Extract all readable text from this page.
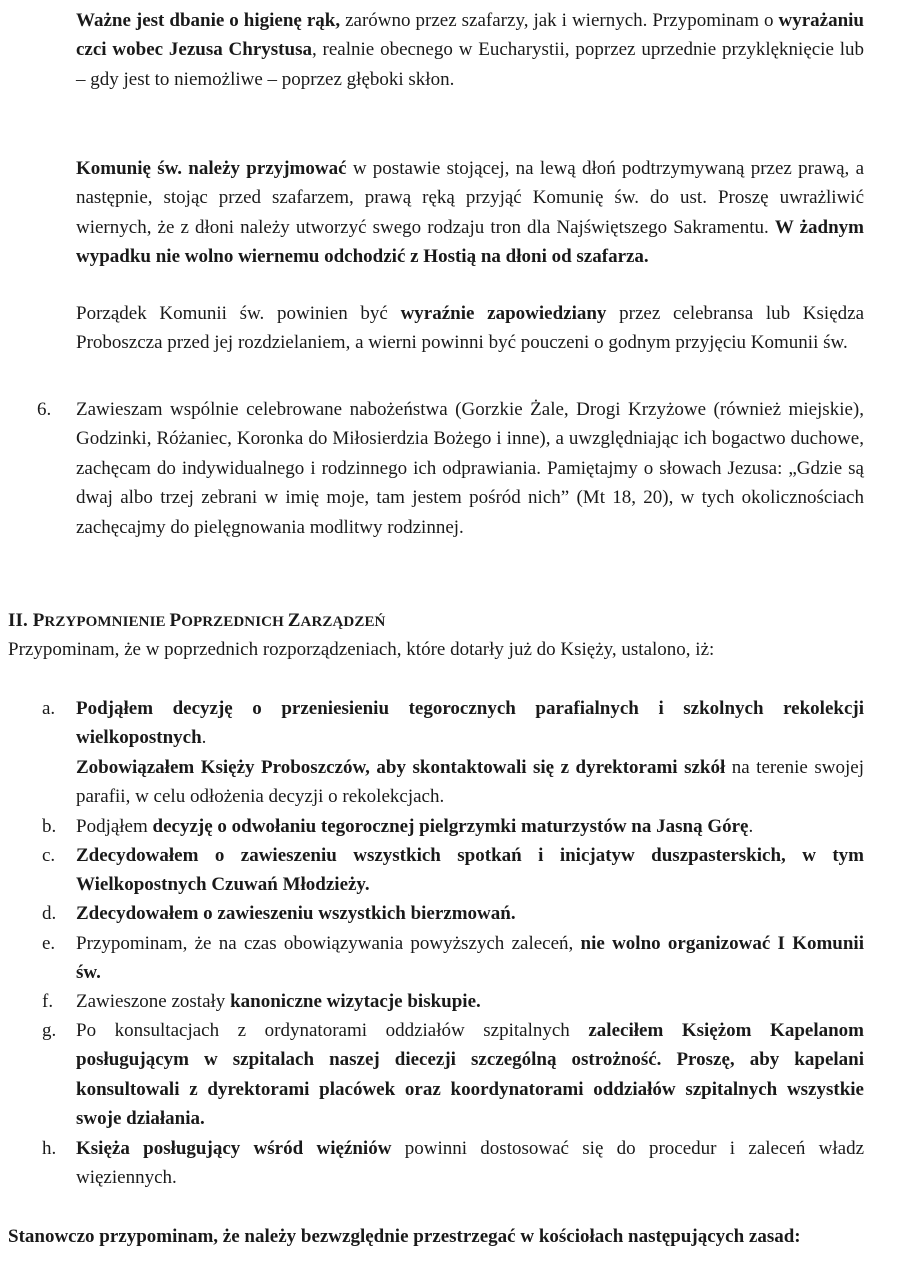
Ważne jest dbanie o higienę rąk, zarówno przez szafarzy, jak i wiernych. Przypominam o wyrażaniu czci wobec Jezusa Chrystusa, realnie obecnego w Eucharystii, poprzez uprzednie przyklęknięcie lub – gdy jest to niemożliwe – poprzez głęboki skłon.

Komunię św. należy przyjmować w postawie stojącej, na lewą dłoń podtrzymywaną przez prawą, a następnie, stojąc przed szafarzem, prawą ręką przyjąć Komunię św. do ust. Proszę uwrażliwić wiernych, że z dłoni należy utworzyć swego rodzaju tron dla Najświętszego Sakramentu. W żadnym wypadku nie wolno wiernemu odchodzić z Hostią na dłoni od szafarza.

Porządek Komunii św. powinien być wyraźnie zapowiedziany przez celebransa lub Księdza Proboszcza przed jej rozdzielaniem, a wierni powinni być pouczeni o godnym przyjęciu Komunii św.

6. Zawieszam wspólnie celebrowane nabożeństwa (Gorzkie Żale, Drogi Krzyżowe (również miejskie), Godzinki, Różaniec, Koronka do Miłosierdzia Bożego i inne), a uwzględniając ich bogactwo duchowe, zachęcam do indywidualnego i rodzinnego ich odprawiania. Pamiętajmy o słowach Jezusa: „Gdzie są dwaj albo trzej zebrani w imię moje, tam jestem pośród nich” (Mt 18, 20), w tych okolicznościach zachęcajmy do pielęgnowania modlitwy rodzinnej.

II. PRZYPOMNIENIE POPRZEDNICH ZARZĄDZEŃ

Przypominam, że w poprzednich rozporządzeniach, które dotarły już do Księży, ustalono, iż:

a. Podjąłem decyzję o przeniesieniu tegorocznych parafialnych i szkolnych rekolekcji wielkopostnych.
Zobowiązałem Księży Proboszczów, aby skontaktowali się z dyrektorami szkół na terenie swojej parafii, w celu odłożenia decyzji o rekolekcjach.

b. Podjąłem decyzję o odwołaniu tegorocznej pielgrzymki maturzystów na Jasną Górę.

c. Zdecydowałem o zawieszeniu wszystkich spotkań i inicjatyw duszpasterskich, w tym Wielkopostnych Czuwań Młodzieży.

d. Zdecydowałem o zawieszeniu wszystkich bierzmowań.

e. Przypominam, że na czas obowiązywania powyższych zaleceń, nie wolno organizować I Komunii św.

f. Zawieszone zostały kanoniczne wizytacje biskupie.

g. Po konsultacjach z ordynatorami oddziałów szpitalnych zaleciłem Księżom Kapelanom posługującym w szpitalach naszej diecezji szczególną ostrożność. Proszę, aby kapelani konsultowali z dyrektorami placówek oraz koordynatorami oddziałów szpitalnych wszystkie swoje działania.

h. Księża posługujący wśród więźniów powinni dostosować się do procedur i zaleceń władz więziennych.

Stanowczo przypominam, że należy bezwzględnie przestrzegać w kościołach następujących zasad:
